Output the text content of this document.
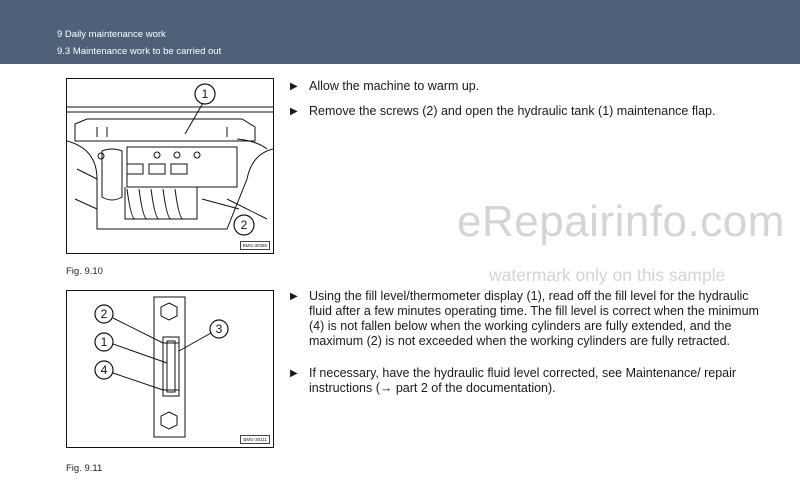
9 Daily maintenance work
9.3 Maintenance work to be carried out
1
2
BMG-30386
Fig. 9.10
2
3
1
4
BMG-30111
Fig. 9.11
▶ Allow the machine to warm up.
▶ Remove the screws (2) and open the hydraulic tank (1) maintenance flap.
▶ Using the fill level/thermometer display (1), read off the fill level for the hydraulic fluid after a few minutes operating time. The fill level is correct when the minimum (4) is not fallen below when the working cylinders are fully extended, and the maximum (2) is not exceeded when the working cylinders are fully retracted.
▶ If necessary, have the hydraulic fluid level corrected, see Maintenance/ repair instructions (→ part 2 of the documentation).
eRepairinfo.com
watermark only on this sample
